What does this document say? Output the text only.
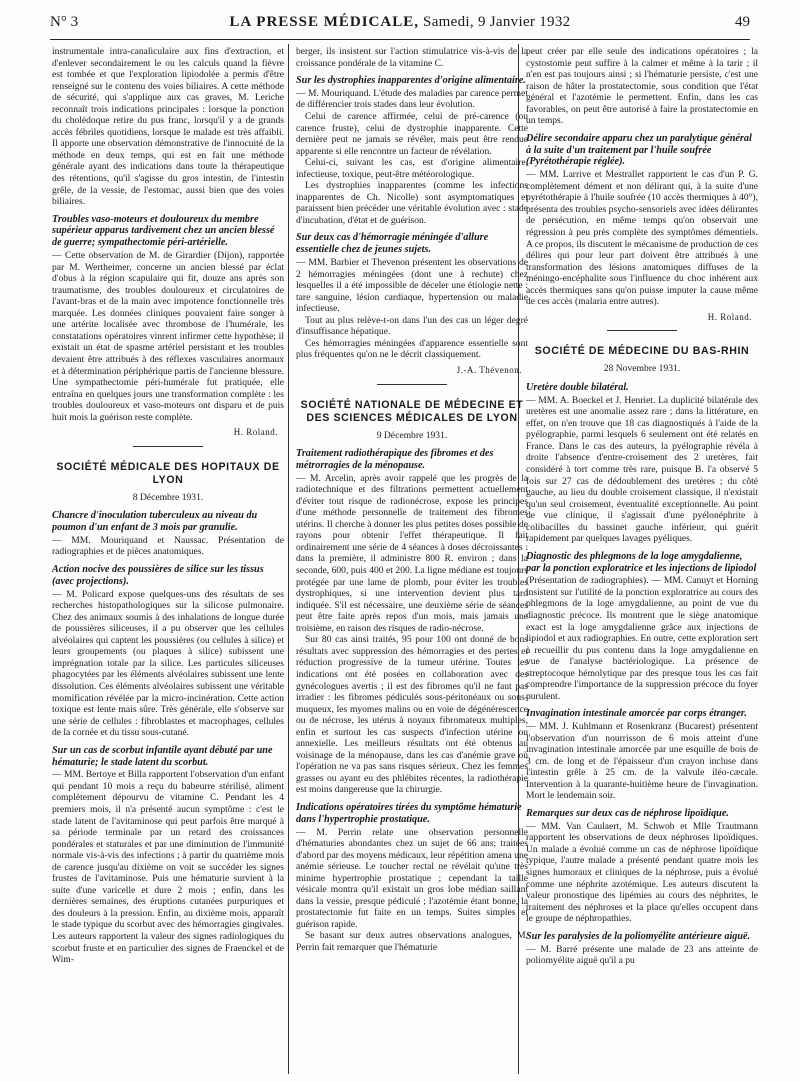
N° 3	LA PRESSE MÉDICALE, Samedi, 9 Janvier 1932	49

instrumentale intra-canaliculaire aux fins d'extraction, et d'enlever secondairement le ou les calculs quand la fièvre est tombée et que l'exploration lipiodolée a permis d'être renseigné sur le contenu des voies biliaires. A cette méthode de sécurité, qui s'applique aux cas graves, M. Leriche reconnaît trois indications principales : lorsque la ponction du cholédoque retire du pus franc, lorsqu'il y a de grands accès fébriles quotidiens, lorsque le malade est très affaibli. Il apporte une observation démonstrative de l'innocuité de la méthode en deux temps, qui est en fait une méthode générale ayant des indications dans toute la thérapeutique des rétentions, qu'il s'agisse du gros intestin, de l'intestin grêle, de la vessie, de l'estomac, aussi bien que des voies biliaires.

Troubles vaso-moteurs et douloureux du membre supérieur apparus tardivement chez un ancien blessé de guerre; sympathectomie péri-artérielle.

— Cette observation de M. de Girardier (Dijon), rapportée par M. Wertheimer, concerne un ancien blessé par éclat d'obus à la région scapulaire qui fit, douze ans après son traumatisme, des troubles douloureux et circulatoires de l'avant-bras et de la main avec impotence fonctionnelle très marquée. Les données cliniques pouvaient faire songer à une artérite localisée avec thrombose de l'humérale, les constatations opératoires vinrent infirmer cette hypothèse; il existait un état de spasme artériel persistant et les troubles devaient être attribués à des réflexes vasculaires anormaux et à détermination périphérique partis de l'ancienne blessure. Une sympathectomie péri-humérale fut pratiquée, elle entraîna en quelques jours une transformation complète : les troubles douloureux et vaso-moteurs ont disparu et de puis huit mois la guérison reste complète.

H. Roland.
SOCIÉTÉ MÉDICALE DES HOPITAUX DE LYON
8 Décembre 1931.
Chancre d'inoculation tuberculeux au niveau du poumon d'un enfant de 3 mois par granulie.

— MM. Mouriquand et Naussac. Présentation de radiographies et de pièces anatomiques.

Action nocive des poussières de silice sur les tissus (avec projections).

— M. Policard expose quelques-uns des résultats de ses recherches histopathologiques sur la silicose pulmonaire. Chez des animaux soumis à des inhalations de longue durée de poussières siliceuses, il a pu observer que les cellules alvéolaires qui captent les poussières (ou cellules à silice) et leurs groupements (ou plaques à silice) subissent une imprégnation totale par la silice. Les particules siliceuses phagocytées par les éléments alvéolaires subissent une lente dissolution. Ces éléments alvéolaires subissent une véritable momification révélée par la micro-incinération. Cette action toxique est lente mais sûre. Très générale, elle s'observe sur une série de cellules : fibroblastes et macrophages, cellules de la cornée et du tissu sous-cutané.

Sur un cas de scorbut infantile ayant débuté par une hématurie; le stade latent du scorbut.

— MM. Bertoye et Billa rapportent l'observation d'un enfant qui pendant 10 mois a reçu du babeurre stérilisé, aliment complètement dépourvu de vitamine C. Pendant les 4 premiers mois, il n'a présenté aucun symptôme : c'est le stade latent de l'avitaminose qui peut parfois être marqué à sa période terminale par un retard des croissances pondérales et staturales et par une diminution de l'immunité normale vis-à-vis des infections ; à partir du quatrième mois de carence jusqu'au dixième on voit se succéder les signes frustes de l'avitaminose. Puis une hématurie survient à la suite d'une varicelle et dure 2 mois ; enfin, dans les dernières semaines, des éruptions cutanées purpuriques et des douleurs à la pression. Enfin, au dixième mois, apparaît le stade typique du scorbut avec des hémorragies gingivales. Les auteurs rapportent la valeur des signes radiologiques du scorbut fruste et en particulier des signes de Fraenckel et de Wim-

berger, ils insistent sur l'action stimulatrice vis-à-vis de la croissance pondérale de la vitamine C.

Sur les dystrophies inapparentes d'origine alimentaire.

— M. Mouriquand. L'étude des maladies par carence permet de différencier trois stades dans leur évolution.

Celui de carence affirmée, celui de pré-carence (ou carence fruste), celui de dystrophie inapparente. Cette dernière peut ne jamais se révéler, mais peut être rendue apparente si elle rencontre un facteur de révélation.

Celui-ci, suivant les cas, est d'origine alimentaire, infectieuse, toxique, peut-être météorologique.

Les dystrophies inapparentes (comme les infections inapparentes de Ch. Nicolle) sont asymptomatiques et paraissent bien précéder une véritable évolution avec : stade d'incubation, d'état et de guérison.

Sur deux cas d'hémorragie méningée d'allure essentielle chez de jeunes sujets.

— MM. Barbier et Thevenon présentent les observations de 2 hémorragies méningées (dont une à rechute) chez lesquelles il a été impossible de déceler une étiologie nette : tare sanguine, lésion cardiaque, hypertension ou maladie infectieuse.

Tout au plus relève-t-on dans l'un des cas un léger degré d'insuffisance hépatique.

Ces hémorragies méningées d'apparence essentielle sont plus fréquentes qu'on ne le décrit classiquement.

J.-A. Thévenon.
SOCIÉTÉ NATIONALE DE MÉDECINE ET DES SCIENCES MÉDICALES DE LYON
9 Décembre 1931.
Traitement radiothérapique des fibromes et des métrorragies de la ménopause.

— M. Arcelin, après avoir rappelé que les progrès de la radiotechnique et des filtrations permettent actuellement d'éviter tout risque de radionécrose, expose les principes d'une méthode personnelle de traitement des fibromes utérins. Il cherche à donner les plus petites doses possible de rayons pour obtenir l'effet thérapeutique. Il fait ordinairement une série de 4 séances à doses décroissantes : dans la première, il administre 800 R. environ ; dans la seconde, 600, puis 400 et 200. La ligne médiane est toujours protégée par une lame de plomb, pour éviter les troubles dystrophiques, si une intervention devient plus tard indiquée. S'il est nécessaire, une deuxième série de séances peut être faite après repos d'un mois, mais jamais une troisième, en raison des risques de radio-nécrose.

Sur 80 cas ainsi traités, 95 pour 100 ont donné de bons résultats avec suppression des hémorragies et des pertes et réduction progressive de la tumeur utérine. Toutes les indications ont été posées en collaboration avec des gynécologues avertis ; il est des fibromes qu'il ne faut pas irradier : les fibromes pédiculés sous-péritonéaux ou sous-muqueux, les myomes malins ou en voie de dégénérescence ou de nécrose, les utérus à noyaux fibromateux multiples, enfin et surtout les cas suspects d'infection utérine ou annexielle. Les meilleurs résultats ont été obtenus au voisinage de la ménopause, dans les cas d'anémie grave où l'opération ne va pas sans risques sérieux. Chez les femmes grasses ou ayant eu des phlébites récentes, la radiothérapie est moins dangereuse que la chirurgie.

Indications opératoires tirées du symptôme hématurie dans l'hypertrophie prostatique.

— M. Perrin relate une observation personnelle d'hématuries abondantes chez un sujet de 66 ans; traitées d'abord par des moyens médicaux, leur répétition amena une anémie sérieuse. Le toucher rectal ne révélait qu'une très minime hypertrophie prostatique ; cependant la taille vésicale montra qu'il existait un gros lobe médian saillant dans la vessie, presque pédiculé ; l'azotémie étant bonne, la prostatectomie fut faite en un temps. Suites simples et guérison rapide.

Se basant sur deux autres observations analogues, M. Perrin fait remarquer que l'hématurie

peut créer par elle seule des indications opératoires ; la cystostomie peut suffire à la calmer et même à la tarir ; il n'en est pas toujours ainsi ; si l'hématurie persiste, c'est une raison de hâter la prostatectomie, sous condition que l'état général et l'azotémie le permettent. Enfin, dans les cas favorables, on peut être autorisé à faire la prostatectomie en un temps.

Délire secondaire apparu chez un paralytique général à la suite d'un traitement par l'huile soufrée (Pyrétothérapie réglée).

— MM. Larrive et Mestrallet rapportent le cas d'un P. G. complètement dément et non délirant qui, à la suite d'une pyrétothérapie à l'huile soufrée (10 accès thermiques à 40°), présenta des troubles psycho-sensoriels avec idées délirantes de persécution, en même temps qu'on observait une régression à peu près complète des symptômes démentiels. A ce propos, ils discutent le mécanisme de production de ces délires qui pour leur part doivent être attribués à une transformation des lésions anatomiques diffuses de la méningo-encéphalite sous l'influence du choc inhérent aux accès thermiques sans qu'on puisse imputer la cause même de ces accès (malaria entre autres).

H. Roland.
SOCIÉTÉ DE MÉDECINE DU BAS-RHIN
28 Novembre 1931.
Uretère double bilatéral.

— MM. A. Boeckel et J. Henriet. La duplicité bilatérale des uretères est une anomalie assez rare ; dans la littérature, en effet, on n'en trouve que 18 cas diagnostiqués à l'aide de la pyélographie, parmi lesquels 6 seulement ont été relatés en France. Dans le cas des auteurs, la pyélographie révéla à droite l'absence d'entre-croisement des 2 uretères, fait considéré à tort comme très rare, puisque B. l'a observé 5 fois sur 27 cas de dédoublement des uretères ; du côté gauche, au lieu du double croisement classique, il n'existait qu'un seul croisement, éventualité exceptionnelle. Au point de vue clinique, il s'agissait d'une pyélonéphrite à colibacilles du bassinet gauche inférieur, qui guérit rapidement par quelques lavages pyéliques.

Diagnostic des phlegmons de la loge amygdalienne, par la ponction exploratrice et les injections de lipiodol

(Présentation de radiographies). — MM. Canuyt et Horning insistent sur l'utilité de la ponction exploratrice au cours des phlegmons de la loge amygdalienne, au point de vue du diagnostic précoce. Ils montrent que le siège anatomique exact est la loge amygdalienne grâce aux injections de lipiodol et aux radiographies. En outre, cette exploration sert à recueillir du pus contenu dans la loge amygdalienne en vue de l'analyse bactériologique. La présence de streptocoque hémolytique par des presque tous les cas fait comprendre l'importance de la suppression précoce du foyer purulent.

Invagination intestinale amorcée par corps étranger.

— MM. J. Kuhlmann et Rosenkranz (Bucarest) présentent l'observation d'un nourrisson de 6 mois atteint d'une invagination intestinale amorcée par une esquille de bois de 3 cm. de long et de l'épaisseur d'un crayon incluse dans l'intestin grêle à 25 cm. de la valvule iléo-cæcale. Intervention à la quarante-huitième heure de l'invagination. Mort le lendemain soir.

Remarques sur deux cas de néphrose lipoïdique.

— MM. Van Caulaert, M. Schwob et Mlle Trautmann rapportent les observations de deux néphroses lipoïdiques. Un malade a évolué comme un cas de néphrose lipoïdique typique, l'autre malade a présenté pendant quatre mois les signes humoraux et cliniques de la néphrose, puis a évolué comme une néphrite azotémique. Les auteurs discutent la valeur pronostique des lipémies au cours des néphrites, le traitement des néphroses et la place qu'elles occupent dans le groupe de néphropathies.

Sur les paralysies de la poliomyélite antérieure aiguë.

— M. Barré présente une malade de 23 ans atteinte de poliomyélite aiguë qu'il a pu
